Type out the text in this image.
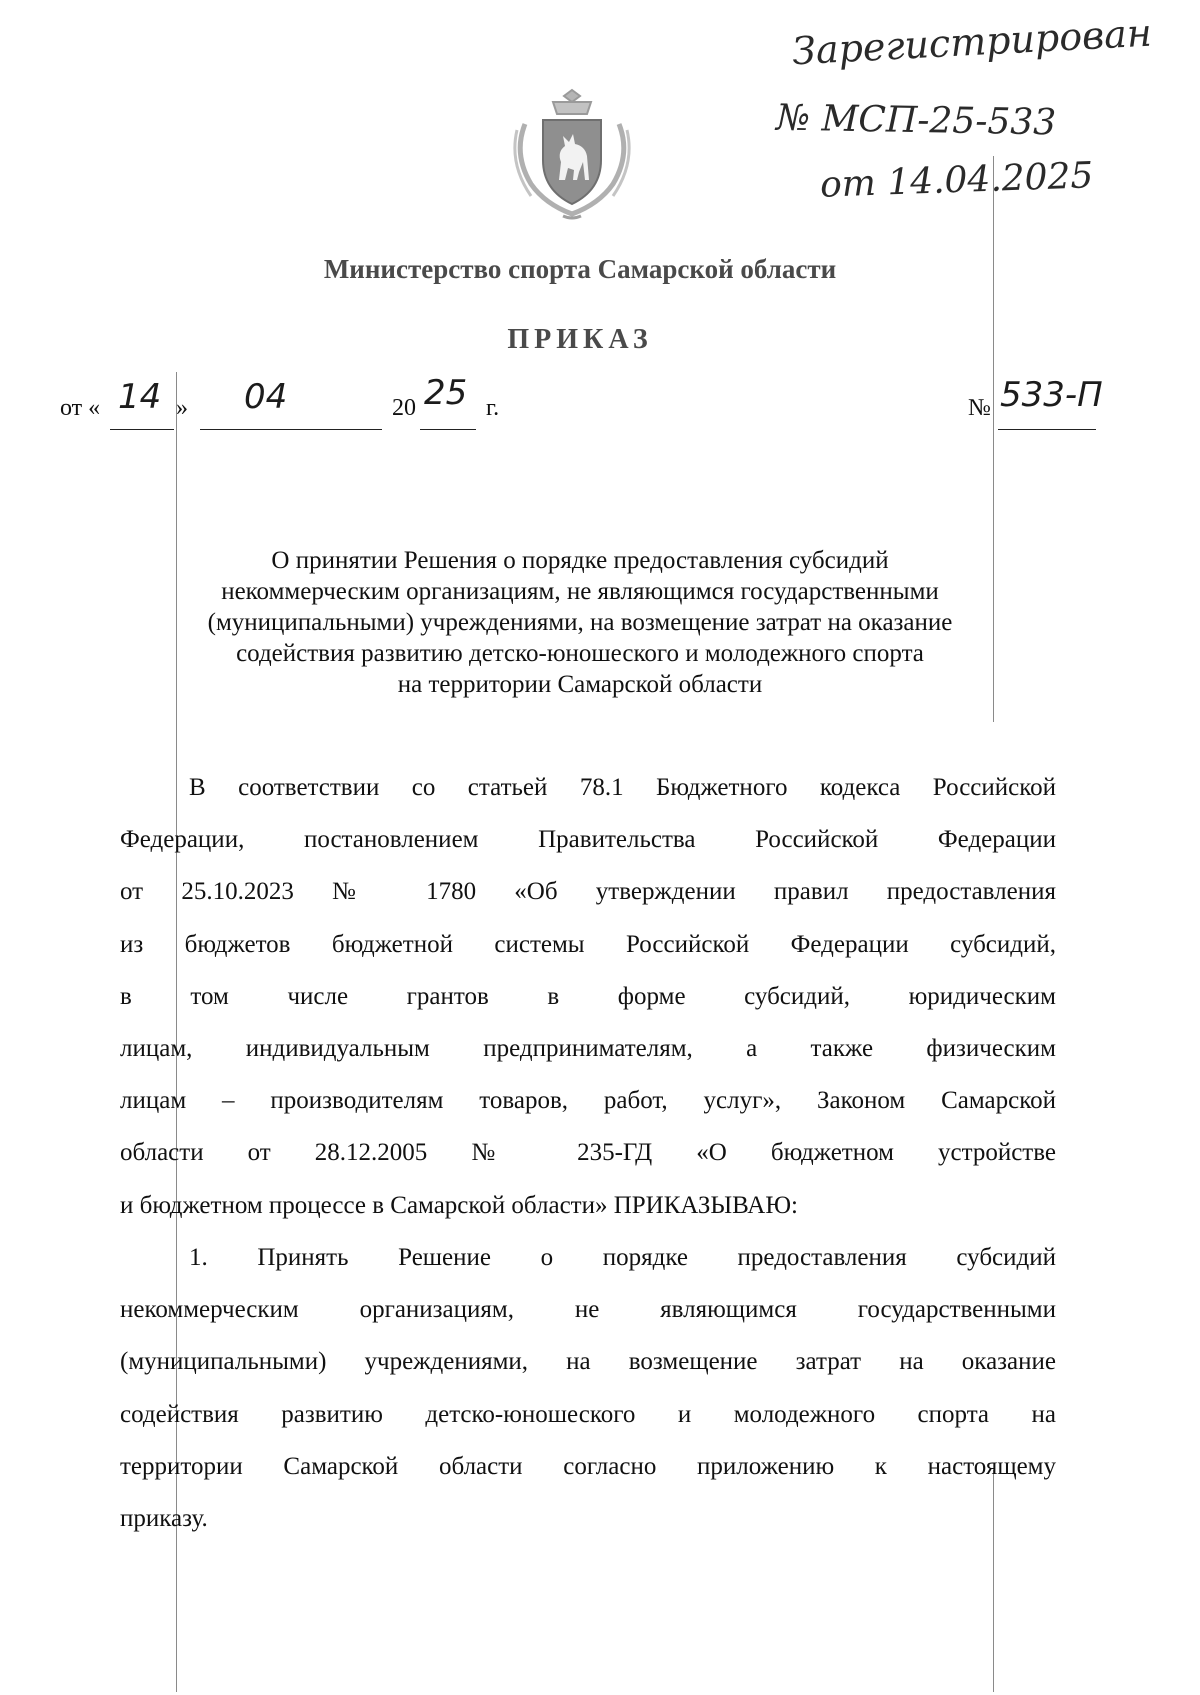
Зарегистрирован
№ МСП-25-533
от 14.04.2025
Министерство спорта Самарской области
ПРИКАЗ
от « 14 » 04	20 25 г.	№ 533-П
О принятии Решения о порядке предоставления субсидий
некоммерческим организациям, не являющимся государственными
(муниципальными) учреждениями, на возмещение затрат на оказание
содействия развитию детско-юношеского и молодежного спорта
на территории Самарской области
В соответствии со статьей 78.1 Бюджетного кодекса Российской
Федерации, постановлением Правительства Российской Федерации
от 25.10.2023 № 1780 «Об утверждении правил предоставления
из бюджетов бюджетной системы Российской Федерации субсидий,
в том числе грантов в форме субсидий, юридическим
лицам, индивидуальным предпринимателям, а также физическим
лицам – производителям товаров, работ, услуг», Законом Самарской
области от 28.12.2005 № 235-ГД «О бюджетном устройстве
и бюджетном процессе в Самарской области» ПРИКАЗЫВАЮ:
1. Принять Решение о порядке предоставления субсидий
некоммерческим организациям, не являющимся государственными
(муниципальными) учреждениями, на возмещение затрат на оказание
содействия развитию детско-юношеского и молодежного спорта на
территории Самарской области согласно приложению к настоящему
приказу.
